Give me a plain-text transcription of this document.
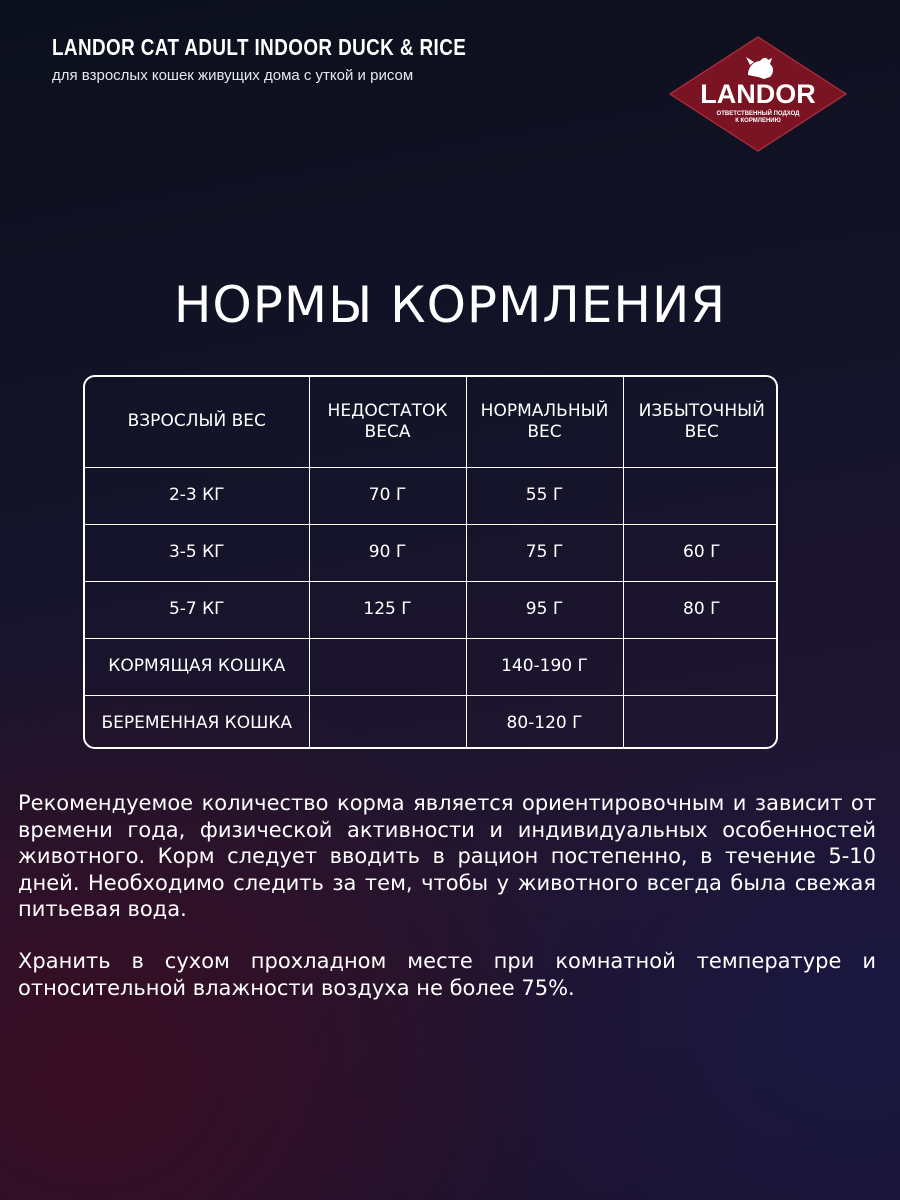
LANDOR CAT ADULT INDOOR DUCK & RICE
для взрослых кошек живущих дома с уткой и рисом
LANDOR
ОТВЕТСТВЕННЫЙ ПОДХОД
К КОРМЛЕНИЮ
НОРМЫ КОРМЛЕНИЯ
ВЗРОСЛЫЙ ВЕС	НЕДОСТАТОК ВЕСА	НОРМАЛЬНЫЙ ВЕС	ИЗБЫТОЧНЫЙ ВЕС
2-3 КГ	70 Г	55 Г	
3-5 КГ	90 Г	75 Г	60 Г
5-7 КГ	125 Г	95 Г	80 Г
КОРМЯЩАЯ КОШКА		140-190 Г	
БЕРЕМЕННАЯ КОШКА		80-120 Г	

Рекомендуемое количество корма является ориентировочным и зависит от времени года, физической активности и индивидуальных особенностей животного. Корм следует вводить в рацион постепенно, в течение 5-10 дней. Необходимо следить за тем, чтобы у животного всегда была свежая питьевая вода.

Хранить в сухом прохладном месте при комнатной температуре и относительной влажности воздуха не более 75%.
